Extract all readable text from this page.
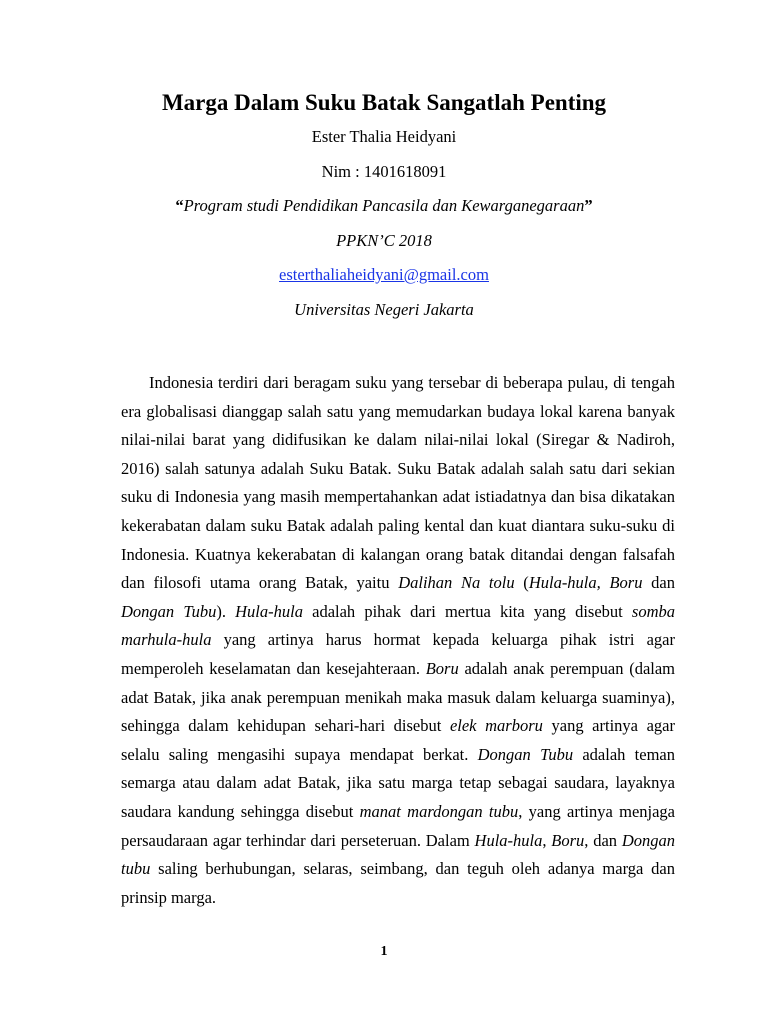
Marga Dalam Suku Batak Sangatlah Penting

Ester Thalia Heidyani

Nim : 1401618091

“Program studi Pendidikan Pancasila dan Kewarganegaraan”

PPKN’C 2018

esterthaliaheidyani@gmail.com

Universitas Negeri Jakarta

Indonesia terdiri dari beragam suku yang tersebar di beberapa pulau, di tengah era globalisasi dianggap salah satu yang memudarkan budaya lokal karena banyak nilai-nilai barat yang didifusikan ke dalam nilai-nilai lokal (Siregar & Nadiroh, 2016) salah satunya adalah Suku Batak. Suku Batak adalah salah satu dari sekian suku di Indonesia yang masih mempertahankan adat istiadatnya dan bisa dikatakan kekerabatan dalam suku Batak adalah paling kental dan kuat diantara suku-suku di Indonesia. Kuatnya kekerabatan di kalangan orang batak ditandai dengan falsafah dan filosofi utama orang Batak, yaitu Dalihan Na tolu (Hula-hula, Boru dan Dongan Tubu). Hula-hula adalah pihak dari mertua kita yang disebut somba marhula-hula yang artinya harus hormat kepada keluarga pihak istri agar memperoleh keselamatan dan kesejahteraan. Boru adalah anak perempuan (dalam adat Batak, jika anak perempuan menikah maka masuk dalam keluarga suaminya), sehingga dalam kehidupan sehari-hari disebut elek marboru yang artinya agar selalu saling mengasihi supaya mendapat berkat. Dongan Tubu adalah teman semarga atau dalam adat Batak, jika satu marga tetap sebagai saudara, layaknya saudara kandung sehingga disebut manat mardongan tubu, yang artinya menjaga persaudaraan agar terhindar dari perseteruan. Dalam Hula-hula, Boru, dan Dongan tubu saling berhubungan, selaras, seimbang, dan teguh oleh adanya marga dan prinsip marga.

1
